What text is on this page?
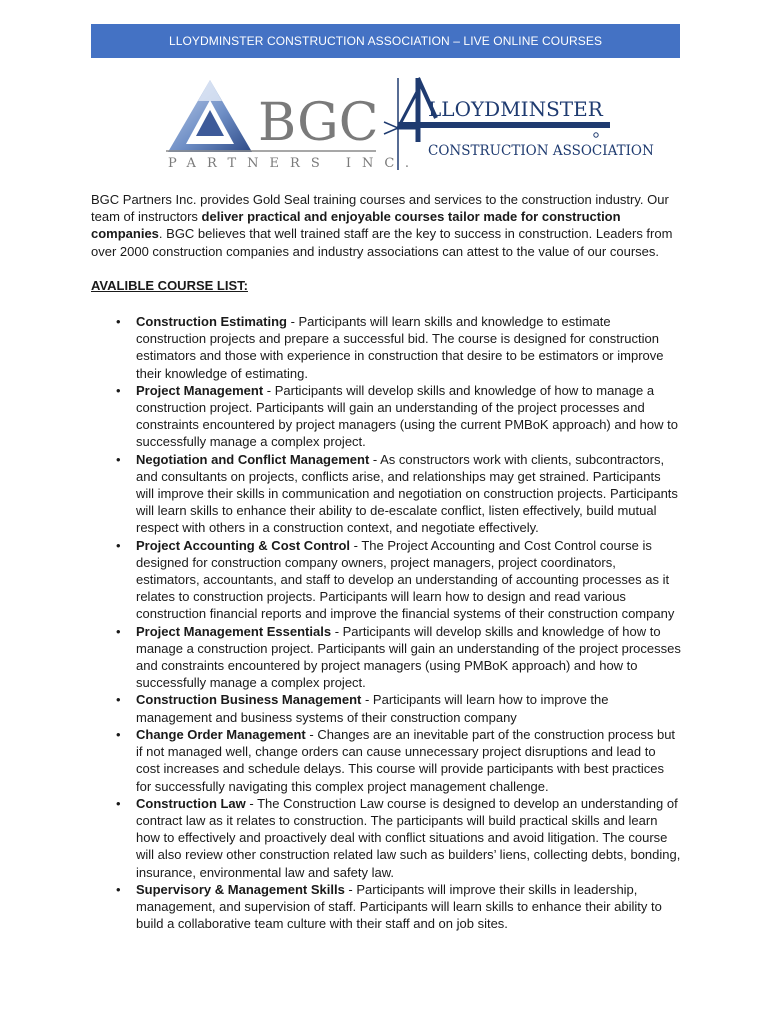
LLOYDMINSTER CONSTRUCTION ASSOCIATION – LIVE ONLINE COURSES
BGC
PARTNERS INC.
LLOYDMINSTER
CONSTRUCTION ASSOCIATION

BGC Partners Inc. provides Gold Seal training courses and services to the construction industry. Our team of instructors deliver practical and enjoyable courses tailor made for construction companies. BGC believes that well trained staff are the key to success in construction. Leaders from over 2000 construction companies and industry associations can attest to the value of our courses.

AVALIBLE COURSE LIST:

• Construction Estimating - Participants will learn skills and knowledge to estimate construction projects and prepare a successful bid. The course is designed for construction estimators and those with experience in construction that desire to be estimators or improve their knowledge of estimating.
• Project Management - Participants will develop skills and knowledge of how to manage a construction project. Participants will gain an understanding of the project processes and constraints encountered by project managers (using the current PMBoK approach) and how to successfully manage a complex project.
• Negotiation and Conflict Management - As constructors work with clients, subcontractors, and consultants on projects, conflicts arise, and relationships may get strained. Participants will improve their skills in communication and negotiation on construction projects. Participants will learn skills to enhance their ability to de-escalate conflict, listen effectively, build mutual respect with others in a construction context, and negotiate effectively.
• Project Accounting & Cost Control - The Project Accounting and Cost Control course is designed for construction company owners, project managers, project coordinators, estimators, accountants, and staff to develop an understanding of accounting processes as it relates to construction projects. Participants will learn how to design and read various construction financial reports and improve the financial systems of their construction company
• Project Management Essentials - Participants will develop skills and knowledge of how to manage a construction project. Participants will gain an understanding of the project processes and constraints encountered by project managers (using PMBoK approach) and how to successfully manage a complex project.
• Construction Business Management - Participants will learn how to improve the management and business systems of their construction company
• Change Order Management - Changes are an inevitable part of the construction process but if not managed well, change orders can cause unnecessary project disruptions and lead to cost increases and schedule delays. This course will provide participants with best practices for successfully navigating this complex project management challenge.
• Construction Law - The Construction Law course is designed to develop an understanding of contract law as it relates to construction. The participants will build practical skills and learn how to effectively and proactively deal with conflict situations and avoid litigation. The course will also review other construction related law such as builders’ liens, collecting debts, bonding, insurance, environmental law and safety law.
• Supervisory & Management Skills - Participants will improve their skills in leadership, management, and supervision of staff. Participants will learn skills to enhance their ability to build a collaborative team culture with their staff and on job sites.
